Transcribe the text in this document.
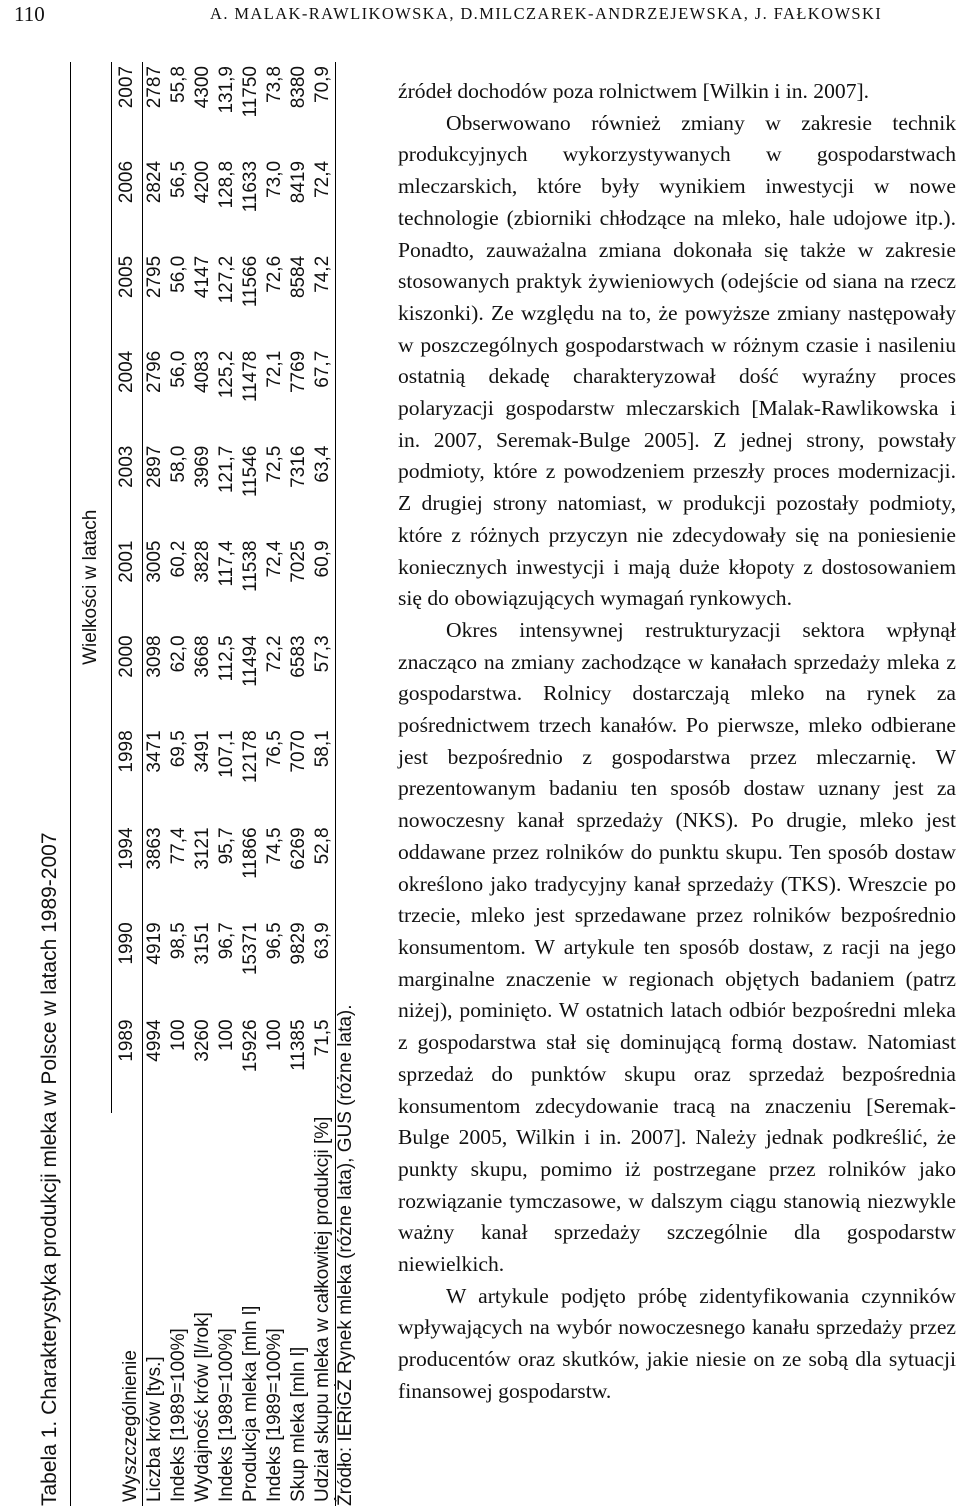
110	A. MALAK-RAWLIKOWSKA, D.MILCZAREK-ANDRZEJEWSKA, J. FAŁKOWSKI
Tabela 1. Charakterystyka produkcji mleka w Polsce w latach 1989-2007	Wyszczególnienie	Wielkości w latach										
	1989	1990	1994	1998	2000	2001	2003	2004	2005	2006	2007
Liczba krów [tys.]	4994	4919	3863	3471	3098	3005	2897	2796	2795	2824	2787
Indeks [1989=100%]	100	98,5	77,4	69,5	62,0	60,2	58,0	56,0	56,0	56,5	55,8
Wydajność krów [l/rok]	3260	3151	3121	3491	3668	3828	3969	4083	4147	4200	4300
Indeks [1989=100%]	100	96,7	95,7	107,1	112,5	117,4	121,7	125,2	127,2	128,8	131,9
Produkcja mleka [mln l]	15926	15371	11866	12178	11494	11538	11546	11478	11566	11633	11750
Indeks [1989=100%]	100	96,5	74,5	76,5	72,2	72,4	72,5	72,1	72,6	73,0	73,8
Skup mleka [mln l]	11385	9829	6269	7070	6583	7025	7316	7769	8584	8419	8380
Udział skupu mleka w całkowitej produkcji [%]	71,5	63,9	52,8	58,1	57,3	60,9	63,4	67,7	74,2	72,4	70,9
Źródło: IERiGŻ Rynek mleka (różne lata), GUS (różne lata).

źródeł dochodów poza rolnictwem [Wilkin i in. 2007].

Obserwowano również zmiany w zakresie technik produkcyjnych wykorzystywanych w gospodarstwach mleczarskich, które były wynikiem inwestycji w nowe technologie (zbiorniki chłodzące na mleko, hale udojowe itp.). Ponadto, zauważalna zmiana dokonała się także w zakresie stosowanych praktyk żywieniowych (odejście od siana na rzecz kiszonki). Ze względu na to, że powyższe zmiany następowały w poszczególnych gospodarstwach w różnym czasie i nasileniu ostatnią dekadę charakteryzował dość wyraźny proces polaryzacji gospodarstw mleczarskich [Malak-Rawlikowska i in. 2007, Seremak-Bulge 2005]. Z jednej strony, powstały podmioty, które z powodzeniem przeszły proces modernizacji. Z drugiej strony natomiast, w produkcji pozostały podmioty, które z różnych przyczyn nie zdecydowały się na poniesienie koniecznych inwestycji i mają duże kłopoty z dostosowaniem się do obowiązujących wymagań rynkowych.

Okres intensywnej restrukturyzacji sektora wpłynął znacząco na zmiany zachodzące w kanałach sprzedaży mleka z gospodarstwa. Rolnicy dostarczają mleko na rynek za pośrednictwem trzech kanałów. Po pierwsze, mleko odbierane jest bezpośrednio z gospodarstwa przez mleczarnię. W prezentowanym badaniu ten sposób dostaw uznany jest za nowoczesny kanał sprzedaży (NKS). Po drugie, mleko jest oddawane przez rolników do punktu skupu. Ten sposób dostaw określono jako tradycyjny kanał sprzedaży (TKS). Wreszcie po trzecie, mleko jest sprzedawane przez rolników bezpośrednio konsumentom. W artykule ten sposób dostaw, z racji na jego marginalne znaczenie w regionach objętych badaniem (patrz niżej), pominięto. W ostatnich latach odbiór bezpośredni mleka z gospodarstwa stał się dominującą formą dostaw. Natomiast sprzedaż do punktów skupu oraz sprzedaż bezpośrednia konsumentom zdecydowanie tracą na znaczeniu [Seremak-Bulge 2005, Wilkin i in. 2007]. Należy jednak podkreślić, że punkty skupu, pomimo iż postrzegane przez rolników jako rozwiązanie tymczasowe, w dalszym ciągu stanowią niezwykle ważny kanał sprzedaży szczególnie dla gospodarstw niewielkich.

W artykule podjęto próbę zidentyfikowania czynników wpływających na wybór nowoczesnego kanału sprzedaży przez producentów oraz skutków, jakie niesie on ze sobą dla sytuacji finansowej gospodarstw.
